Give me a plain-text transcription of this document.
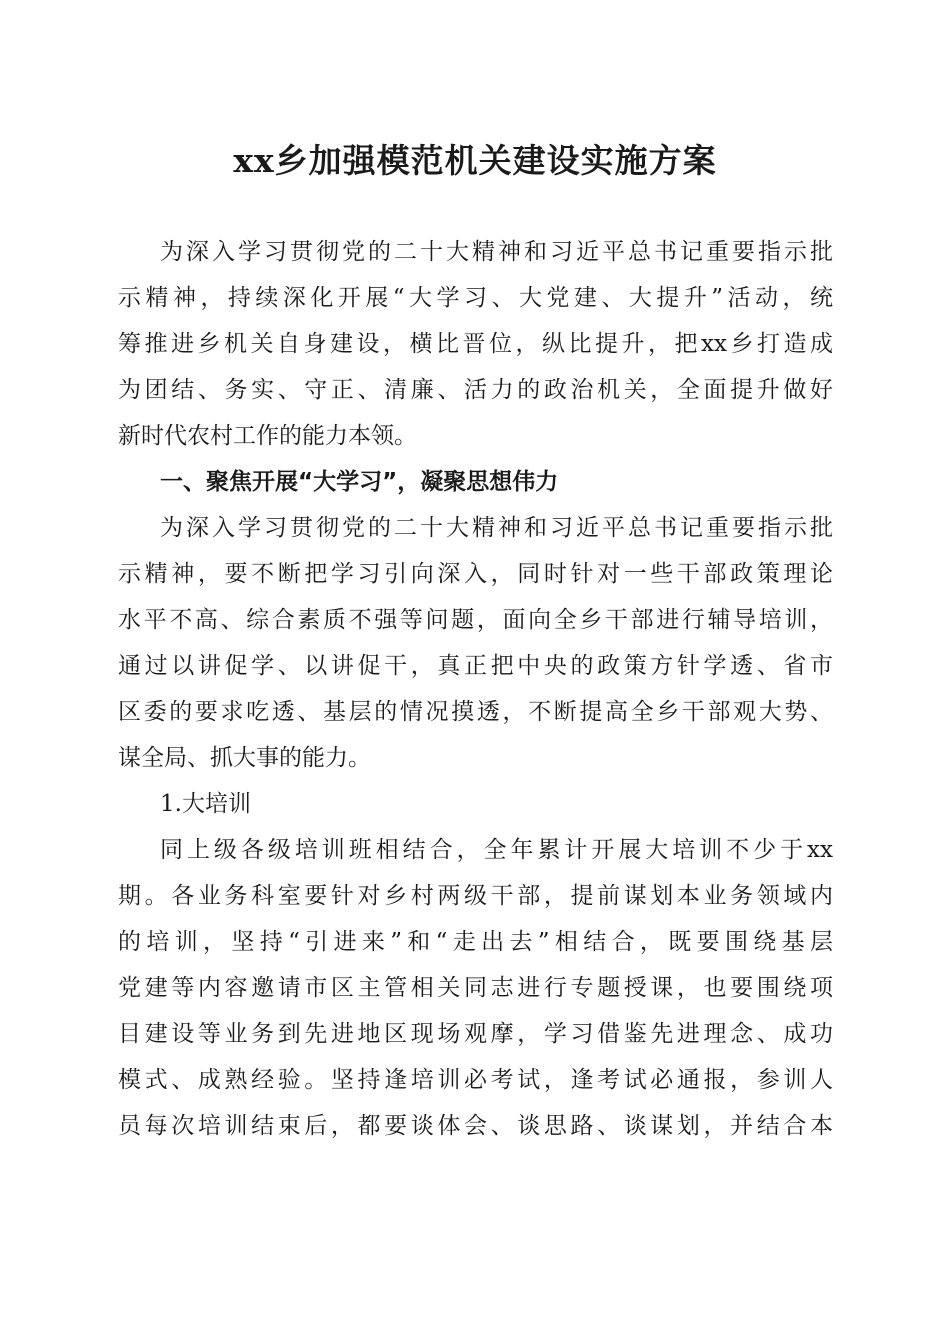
xx乡加强模范机关建设实施方案

为深入学习贯彻党的二十大精神和习近平总书记重要指示批

示精神，持续深化开展“大学习、大党建、大提升”活动，统

筹推进乡机关自身建设，横比晋位，纵比提升，把xx乡打造成

为团结、务实、守正、清廉、活力的政治机关，全面提升做好

新时代农村工作的能力本领。

一、聚焦开展“大学习”，凝聚思想伟力

为深入学习贯彻党的二十大精神和习近平总书记重要指示批

示精神，要不断把学习引向深入，同时针对一些干部政策理论

水平不高、综合素质不强等问题，面向全乡干部进行辅导培训，

通过以讲促学、以讲促干，真正把中央的政策方针学透、省市

区委的要求吃透、基层的情况摸透，不断提高全乡干部观大势、

谋全局、抓大事的能力。

1.大培训

同上级各级培训班相结合，全年累计开展大培训不少于xx

期。各业务科室要针对乡村两级干部，提前谋划本业务领域内

的培训，坚持“引进来”和“走出去”相结合，既要围绕基层

党建等内容邀请市区主管相关同志进行专题授课，也要围绕项

目建设等业务到先进地区现场观摩，学习借鉴先进理念、成功

模式、成熟经验。坚持逢培训必考试，逢考试必通报，参训人

员每次培训结束后，都要谈体会、谈思路、谈谋划，并结合本
